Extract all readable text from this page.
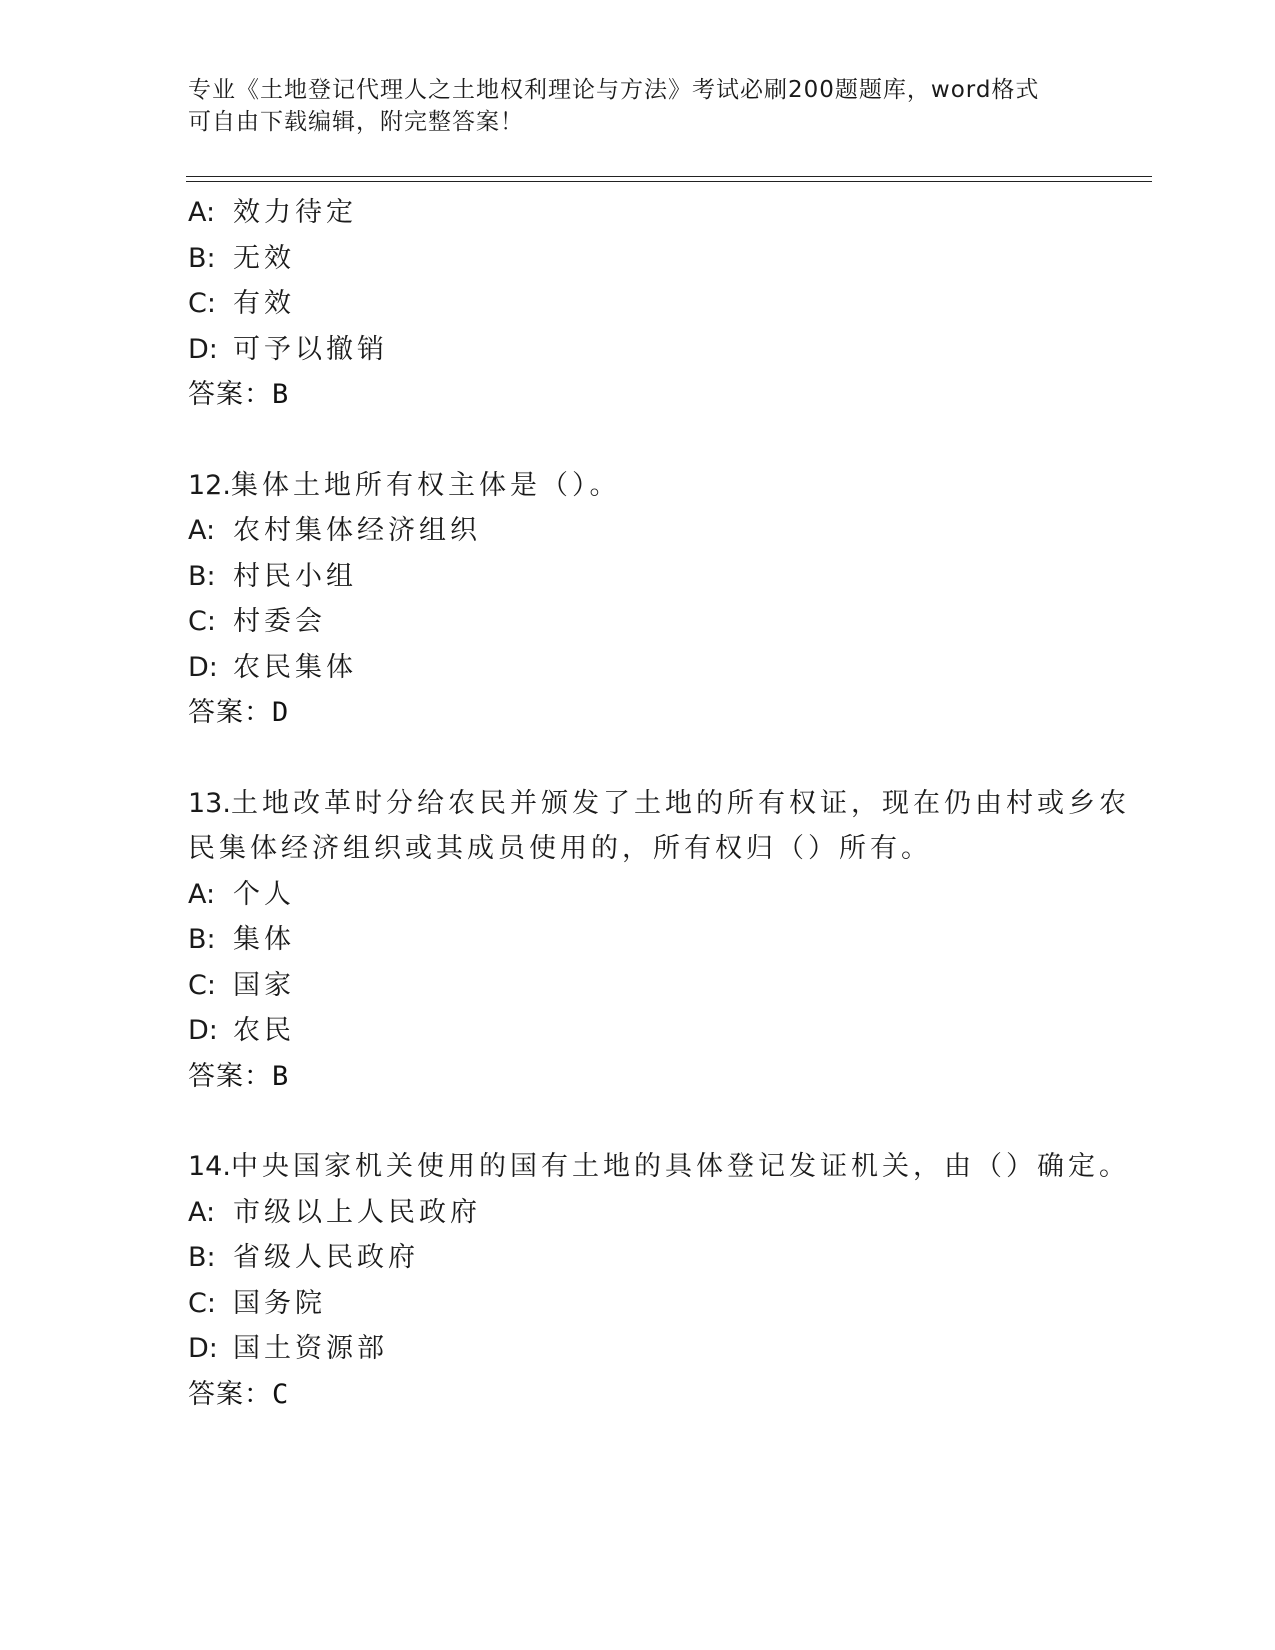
专业《土地登记代理人之土地权利理论与方法》考试必刷200题题库，word格式
可自由下载编辑，附完整答案！
A: 效力待定
B: 无效
C: 有效
D: 可予以撤销
答案：B
12.集体土地所有权主体是（）。
A: 农村集体经济组织
B: 村民小组
C: 村委会
D: 农民集体
答案：D
13.土地改革时分给农民并颁发了土地的所有权证，现在仍由村或乡农
民集体经济组织或其成员使用的，所有权归（）所有。
A: 个人
B: 集体
C: 国家
D: 农民
答案：B
14.中央国家机关使用的国有土地的具体登记发证机关，由（）确定。
A: 市级以上人民政府
B: 省级人民政府
C: 国务院
D: 国土资源部
答案：C
